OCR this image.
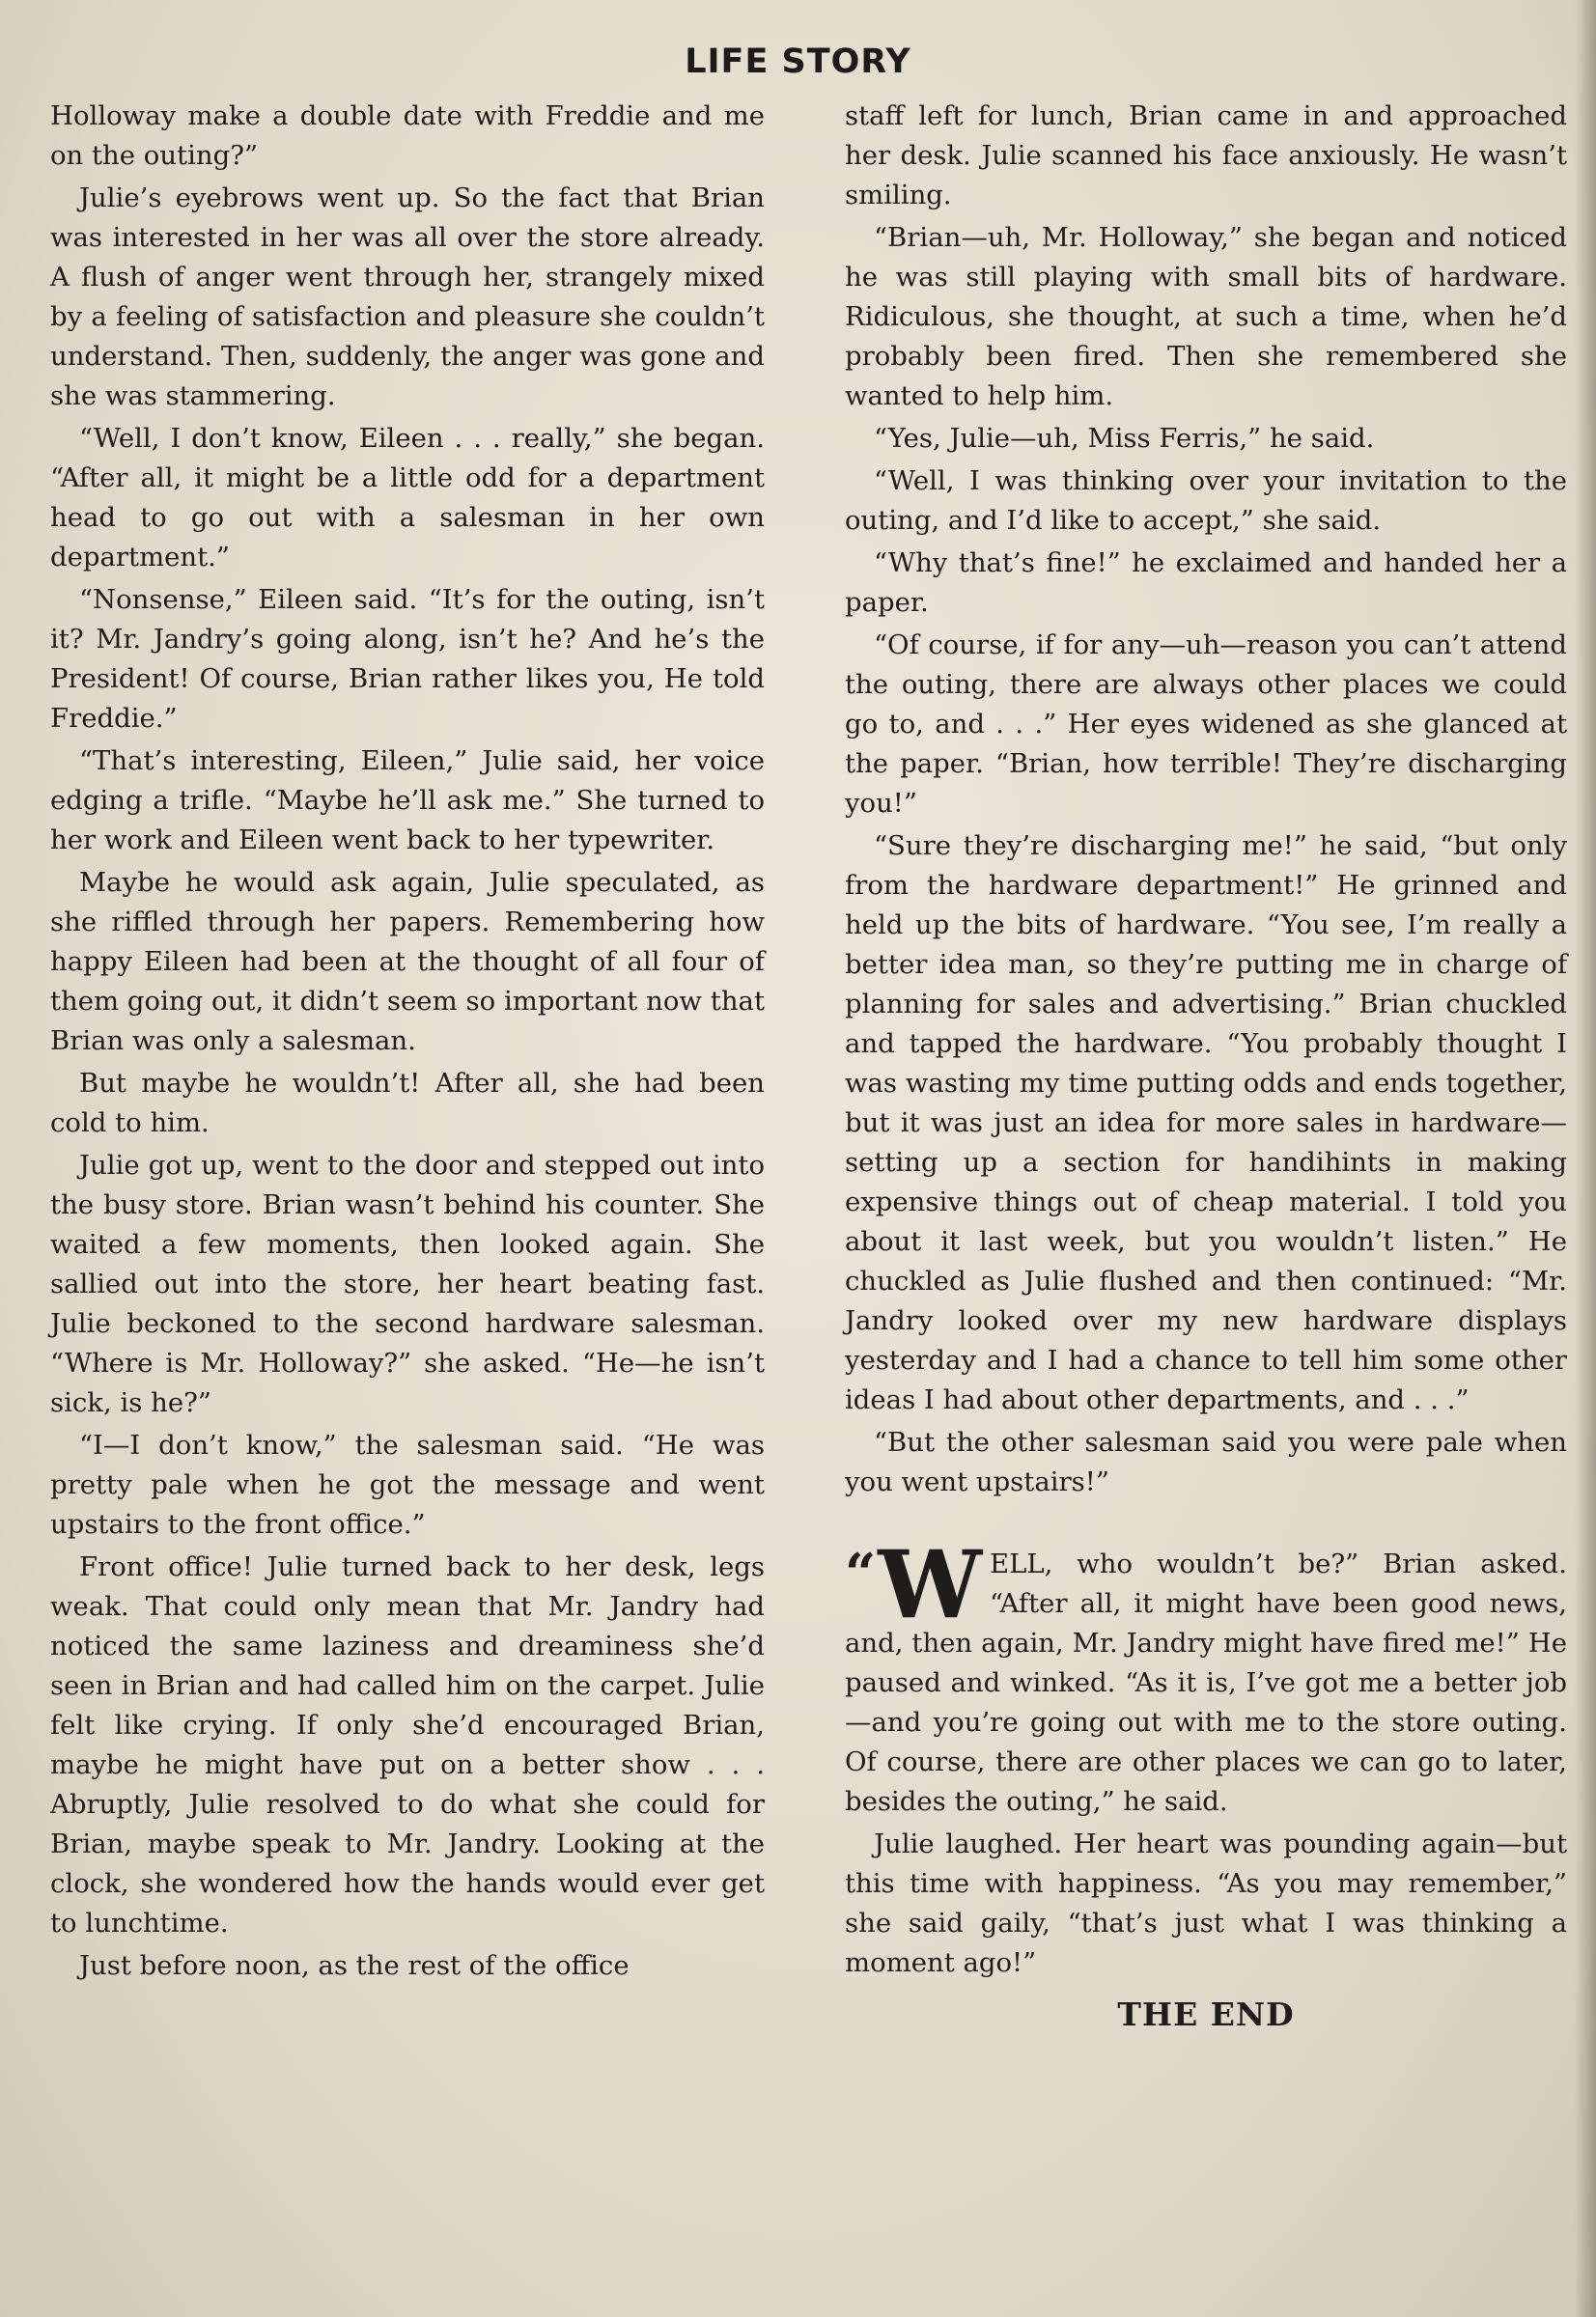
LIFE STORY

Holloway make a double date with Freddie and me on the outing?”

Julie’s eyebrows went up. So the fact that Brian was interested in her was all over the store already. A flush of anger went through her, strangely mixed by a feeling of satisfaction and pleasure she couldn’t understand. Then, suddenly, the anger was gone and she was stammering.

“Well, I don’t know, Eileen . . . really,” she began. “After all, it might be a little odd for a department head to go out with a salesman in her own department.”

“Nonsense,” Eileen said. “It’s for the outing, isn’t it? Mr. Jandry’s going along, isn’t he? And he’s the President! Of course, Brian rather likes you, He told Freddie.”

“That’s interesting, Eileen,” Julie said, her voice edging a trifle. “Maybe he’ll ask me.” She turned to her work and Eileen went back to her typewriter.

Maybe he would ask again, Julie speculated, as she riffled through her papers. Remembering how happy Eileen had been at the thought of all four of them going out, it didn’t seem so important now that Brian was only a salesman.

But maybe he wouldn’t! After all, she had been cold to him.

Julie got up, went to the door and stepped out into the busy store. Brian wasn’t behind his counter. She waited a few moments, then looked again. She sallied out into the store, her heart beating fast. Julie beckoned to the second hardware salesman. “Where is Mr. Holloway?” she asked. “He—he isn’t sick, is he?”

“I—I don’t know,” the salesman said. “He was pretty pale when he got the message and went upstairs to the front office.”

Front office! Julie turned back to her desk, legs weak. That could only mean that Mr. Jandry had noticed the same laziness and dreaminess she’d seen in Brian and had called him on the carpet. Julie felt like crying. If only she’d encouraged Brian, maybe he might have put on a better show . . . Abruptly, Julie resolved to do what she could for Brian, maybe speak to Mr. Jandry. Looking at the clock, she wondered how the hands would ever get to lunchtime.

Just before noon, as the rest of the office

staff left for lunch, Brian came in and approached her desk. Julie scanned his face anxiously. He wasn’t smiling.

“Brian—uh, Mr. Holloway,” she began and noticed he was still playing with small bits of hardware. Ridiculous, she thought, at such a time, when he’d probably been fired. Then she remembered she wanted to help him.

“Yes, Julie—uh, Miss Ferris,” he said.

“Well, I was thinking over your invitation to the outing, and I’d like to accept,” she said.

“Why that’s fine!” he exclaimed and handed her a paper.

“Of course, if for any—uh—reason you can’t attend the outing, there are always other places we could go to, and . . .” Her eyes widened as she glanced at the paper. “Brian, how terrible! They’re discharging you!”

“Sure they’re discharging me!” he said, “but only from the hardware department!” He grinned and held up the bits of hardware. “You see, I’m really a better idea man, so they’re putting me in charge of planning for sales and advertising.” Brian chuckled and tapped the hardware. “You probably thought I was wasting my time putting odds and ends together, but it was just an idea for more sales in hardware—setting up a section for handihints in making expensive things out of cheap material. I told you about it last week, but you wouldn’t listen.” He chuckled as Julie flushed and then continued: “Mr. Jandry looked over my new hardware displays yesterday and I had a chance to tell him some other ideas I had about other departments, and . . .”

“But the other salesman said you were pale when you went upstairs!”

“ W ELL, who wouldn’t be?” Brian asked. “After all, it might have been good news, and, then again, Mr. Jandry might have fired me!” He paused and winked. “As it is, I’ve got me a better job—and you’re going out with me to the store outing. Of course, there are other places we can go to later, besides the outing,” he said.

Julie laughed. Her heart was pounding again—but this time with happiness. “As you may remember,” she said gaily, “that’s just what I was thinking a moment ago!”

THE END
